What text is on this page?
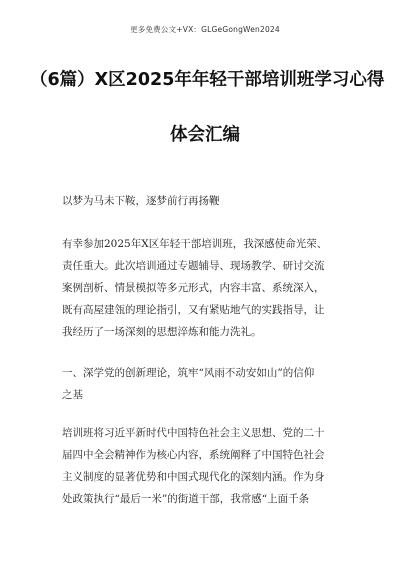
更多免费公文+VX：GLGeGongWen2024
（6篇）X区2025年年轻干部培训班学习心得
体会汇编

以梦为马未下鞍，逐梦前行再扬鞭

有幸参加2025年X区年轻干部培训班，我深感使命光荣、
责任重大。此次培训通过专题辅导、现场教学、研讨交流
案例剖析、情景模拟等多元形式，内容丰富、系统深入，
既有高屋建瓴的理论指引，又有紧贴地气的实践指导，让
我经历了一场深刻的思想淬炼和能力洗礼。

一、深学党的创新理论，筑牢“风雨不动安如山”的信仰
之基

培训班将习近平新时代中国特色社会主义思想、党的二十
届四中全会精神作为核心内容，系统阐释了中国特色社会
主义制度的显著优势和中国式现代化的深刻内涵。作为身
处政策执行“最后一米”的街道干部，我常感“上面千条
